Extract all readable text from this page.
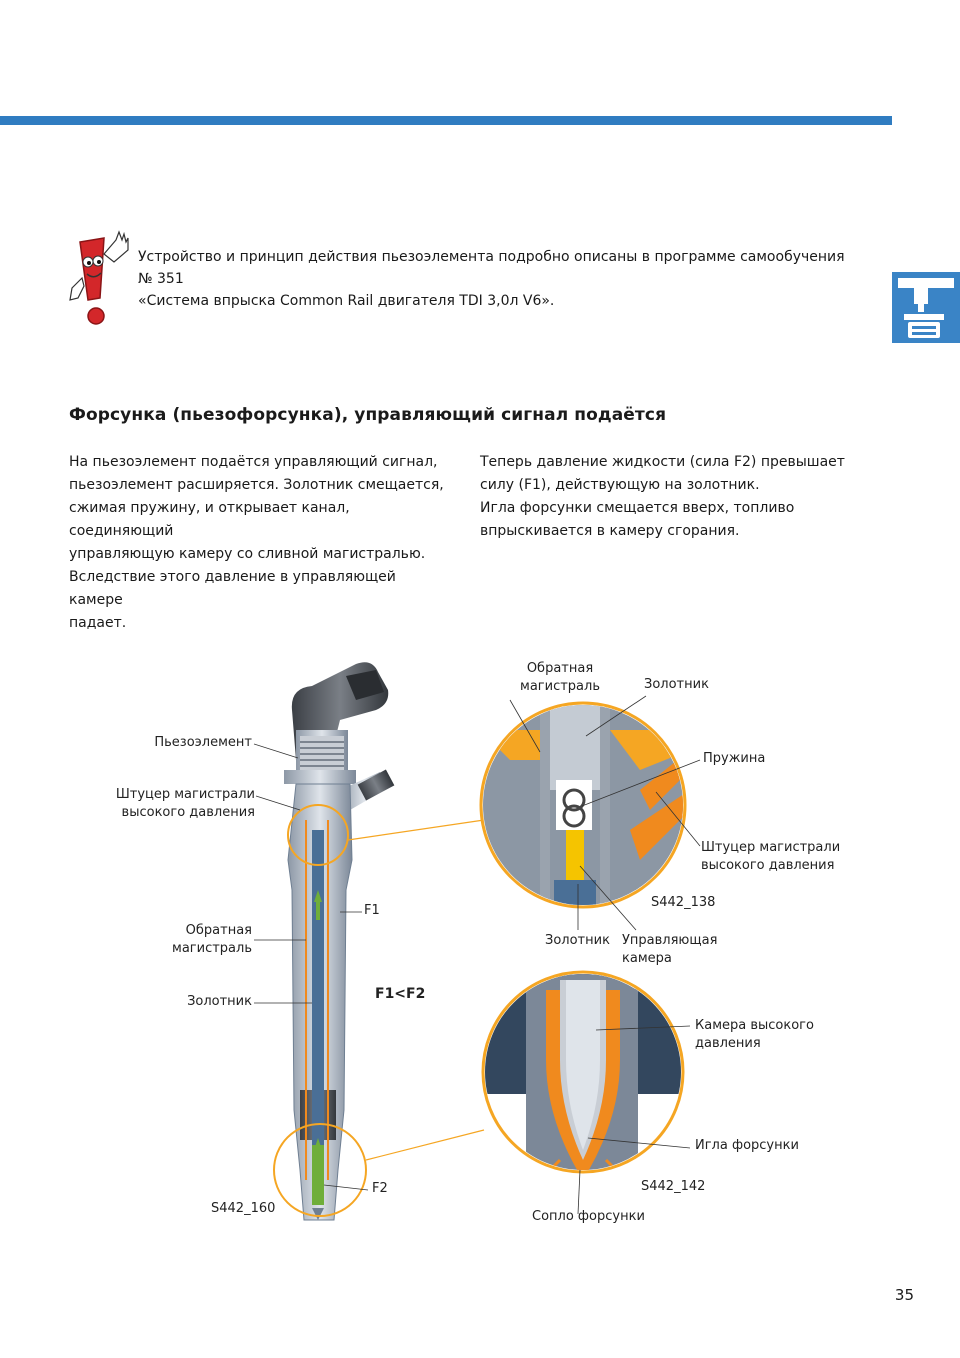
Устройство и принцип действия пьезоэлемента подробно описаны в программе самообучения № 351
«Система впрыска Common Rail двигателя TDI 3,0л V6».
Форсунка (пьезофорсунка), управляющий сигнал подаётся

На пьезоэлемент подаётся управляющий сигнал,

пьезоэлемент расширяется. Золотник смещается,

сжимая пружину, и открывает канал, соединяющий

управляющую камеру со сливной магистралью.

Вследствие этого давление в управляющей камере

падает.

Теперь давление жидкости (сила F2) превышает

силу (F1), действующую на золотник.

Игла форсунки смещается вверх, топливо

впрыскивается в камеру сгорания.

Пьезоэлемент
Штуцер магистрали
высокого давления
F1
Обратная
магистраль
F1<F2
Золотник
F2
S442_160
Обратная
магистраль	Золотник
Пружина
Штуцер магистрали
высокого давления
S442_138
Золотник Управляющая
камера
Камера высокого
давления
Игла форсунки
S442_142
Сопло форсунки
35
